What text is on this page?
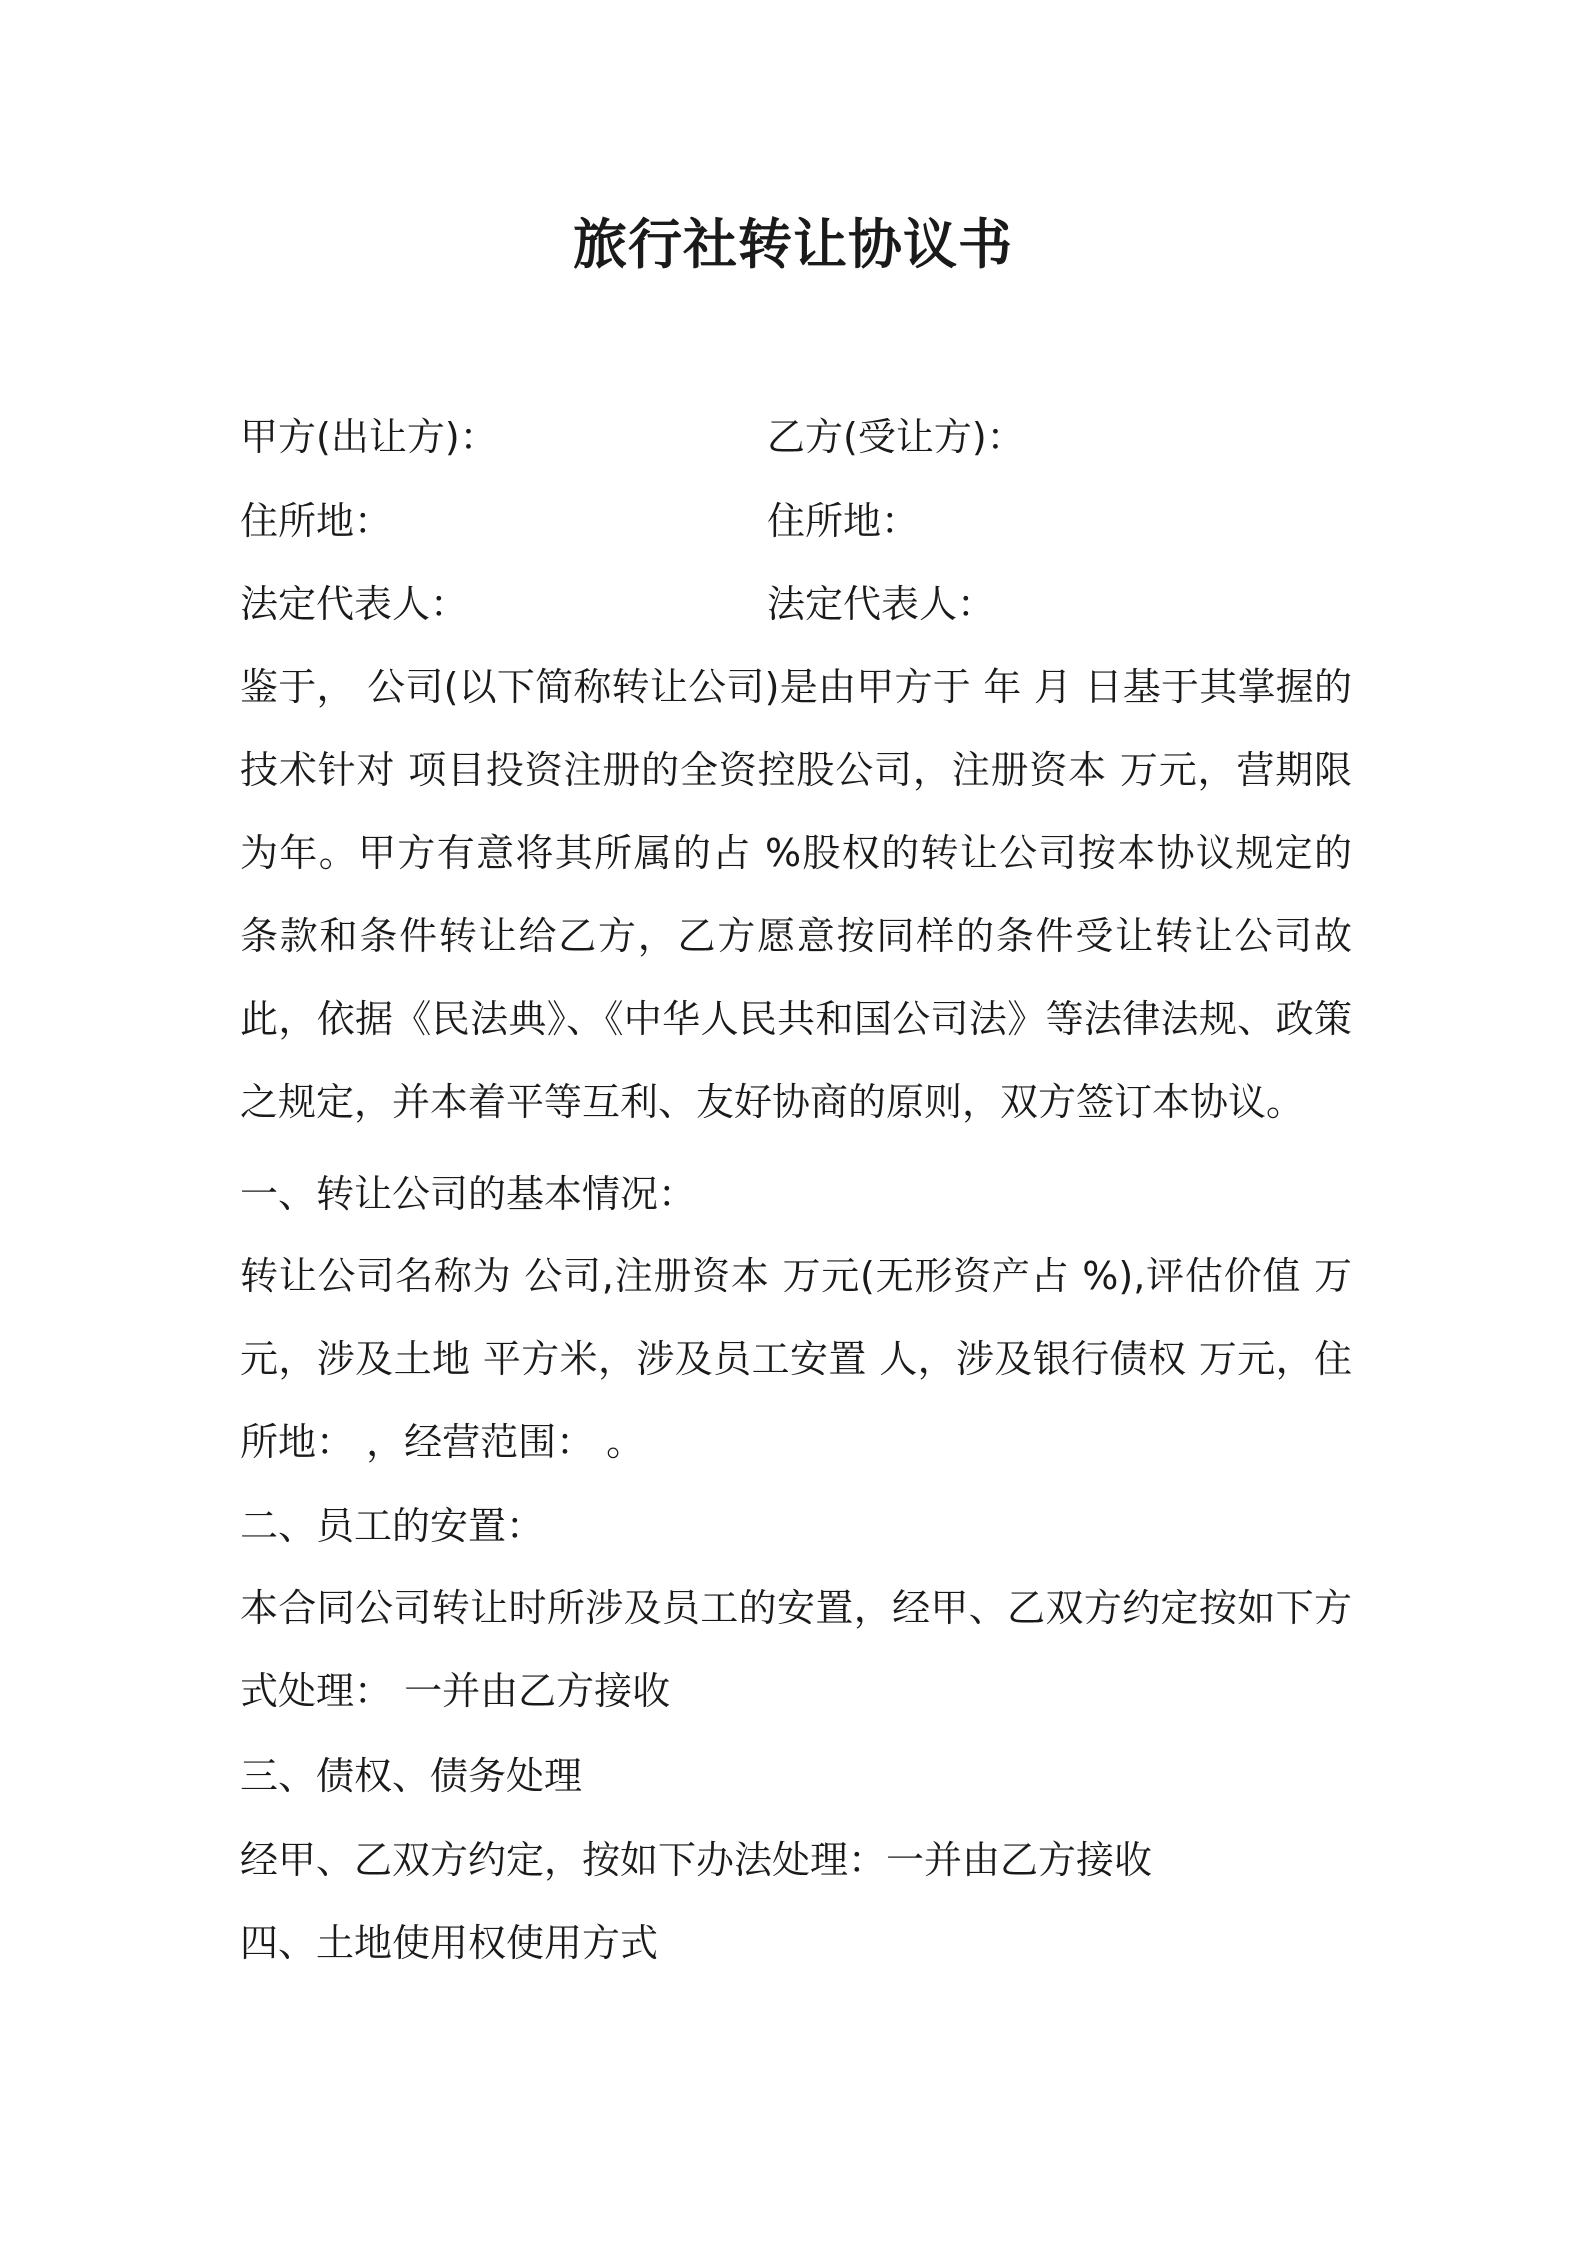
旅行社转让协议书
甲方(出让方)：	乙方(受让方)：
住所地：	住所地：
法定代表人：	法定代表人：

鉴于， 公司(以下简称转让公司)是由甲方于 年 月 日基于其掌握的技术针对 项目投资注册的全资控股公司，注册资本 万元，营期限为年。甲方有意将其所属的占 %股权的转让公司按本协议规定的条款和条件转让给乙方，乙方愿意按同样的条件受让转让公司故此，依据《民法典》、《中华人民共和国公司法》等法律法规、政策之规定，并本着平等互利、友好协商的原则，双方签订本协议。

一、转让公司的基本情况：

转让公司名称为 公司,注册资本 万元(无形资产占 %),评估价值 万元，涉及土地 平方米，涉及员工安置 人，涉及银行债权 万元，住所地： ，经营范围： 。

二、员工的安置：

本合同公司转让时所涉及员工的安置，经甲、乙双方约定按如下方式处理： 一并由乙方接收

三、债权、债务处理

经甲、乙双方约定，按如下办法处理：一并由乙方接收

四、土地使用权使用方式
